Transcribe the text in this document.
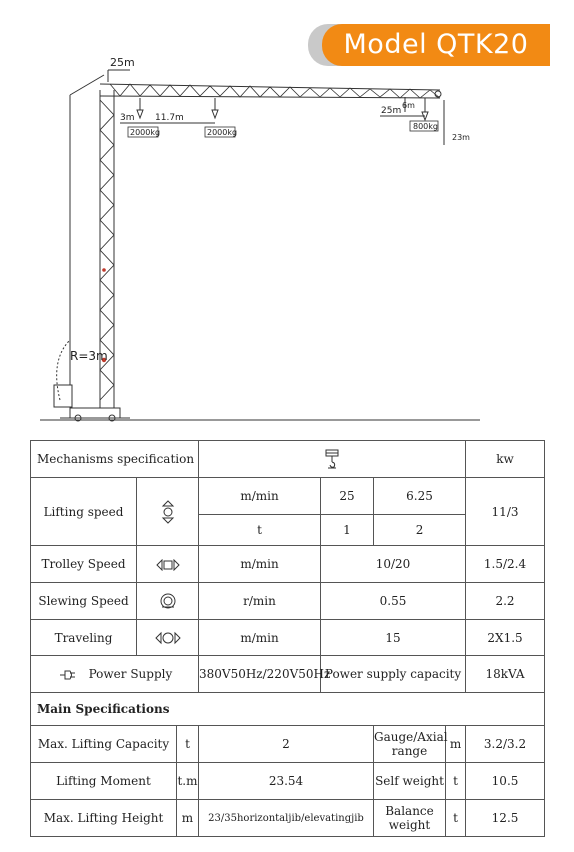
Model QTK20
25m
3m 11.7m
25m
6m
23m
R=3m
2000kg	2000kg
800kg
Mechanisms specification							kw
Lifting speed			m/min	25	6.25		11/3
			t	1	2		
Trolley Speed			m/min	10/20			1.5/2.4
Slewing Speed			r/min	0.55			2.2
Traveling			m/min	15			2X1.5
Power Supply			380V50Hz/220V50Hz	Power supply capacity			18kVA
Main Specifications							
Max. Lifting Capacity		t	2		Gauge/Axial range	m	3.2/3.2
Lifting Moment		t.m	23.54		Self weight	t	10.5
Max. Lifting Height		m	23/35horizontaljib/elevatingjib		Balance weight	t	12.5
